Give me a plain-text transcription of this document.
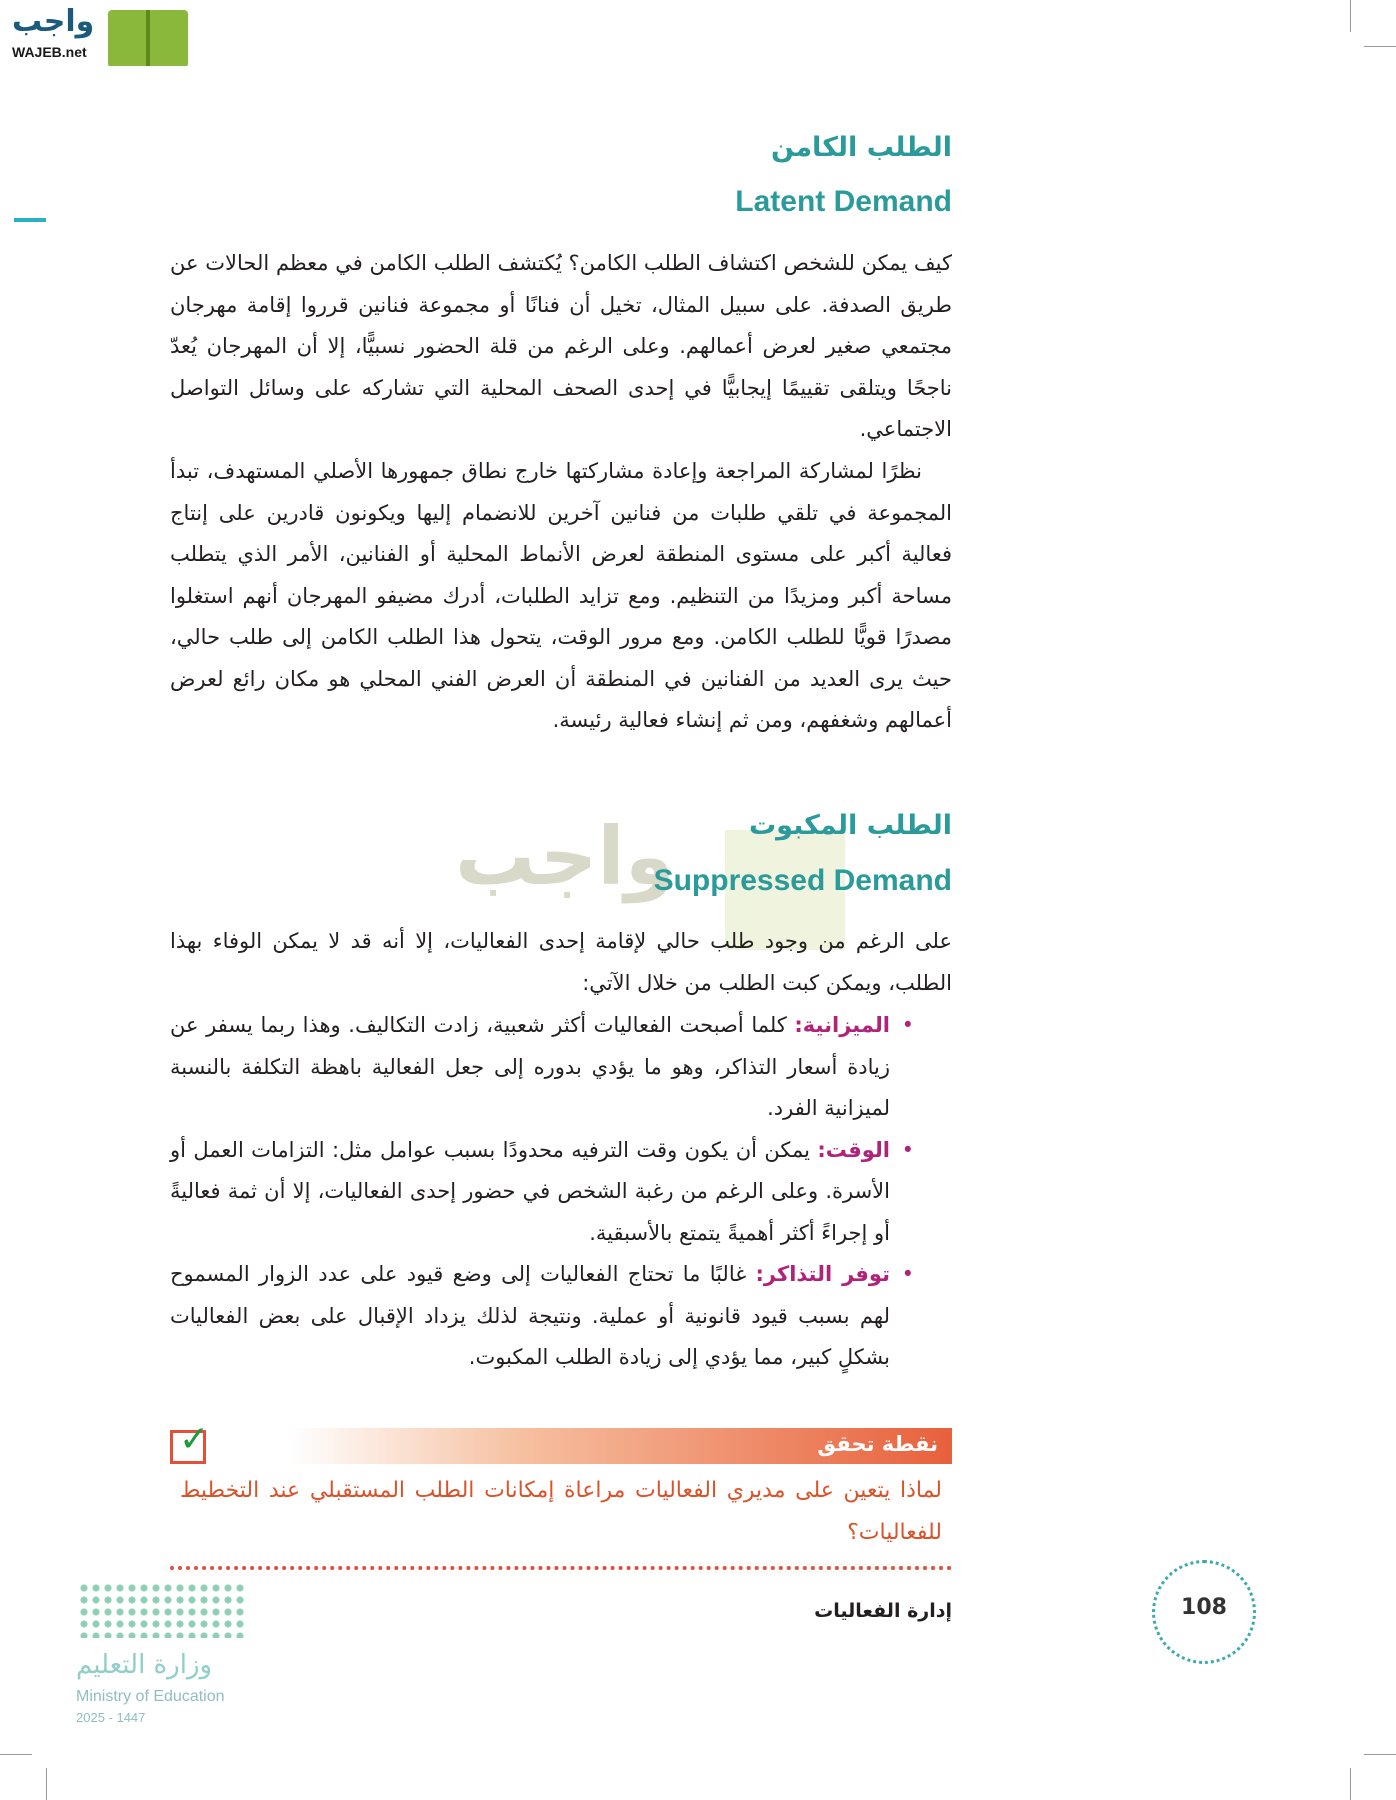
واجب
WAJEB.net
واجب
الطلب الكامن
Latent Demand
كيف يمكن للشخص اكتشاف الطلب الكامن؟ يُكتشف الطلب الكامن في معظم الحالات عن طريق الصدفة. على سبيل المثال، تخيل أن فنانًا أو مجموعة فنانين قرروا إقامة مهرجان مجتمعي صغير لعرض أعمالهم. وعلى الرغم من قلة الحضور نسبيًّا، إلا أن المهرجان يُعدّ ناجحًا ويتلقى تقييمًا إيجابيًّا في إحدى الصحف المحلية التي تشاركه على وسائل التواصل الاجتماعي.
نظرًا لمشاركة المراجعة وإعادة مشاركتها خارج نطاق جمهورها الأصلي المستهدف، تبدأ المجموعة في تلقي طلبات من فنانين آخرين للانضمام إليها ويكونون قادرين على إنتاج فعالية أكبر على مستوى المنطقة لعرض الأنماط المحلية أو الفنانين، الأمر الذي يتطلب مساحة أكبر ومزيدًا من التنظيم. ومع تزايد الطلبات، أدرك مضيفو المهرجان أنهم استغلوا مصدرًا قويًّا للطلب الكامن. ومع مرور الوقت، يتحول هذا الطلب الكامن إلى طلب حالي، حيث يرى العديد من الفنانين في المنطقة أن العرض الفني المحلي هو مكان رائع لعرض أعمالهم وشغفهم، ومن ثم إنشاء فعالية رئيسة.
الطلب المكبوت
Suppressed Demand
على الرغم من وجود طلب حالي لإقامة إحدى الفعاليات، إلا أنه قد لا يمكن الوفاء بهذا الطلب، ويمكن كبت الطلب من خلال الآتي:
•
الميزانية: كلما أصبحت الفعاليات أكثر شعبية، زادت التكاليف. وهذا ربما يسفر عن زيادة أسعار التذاكر، وهو ما يؤدي بدوره إلى جعل الفعالية باهظة التكلفة بالنسبة لميزانية الفرد.
•
الوقت: يمكن أن يكون وقت الترفيه محدودًا بسبب عوامل مثل: التزامات العمل أو الأسرة. وعلى الرغم من رغبة الشخص في حضور إحدى الفعاليات، إلا أن ثمة فعاليةً أو إجراءً أكثر أهميةً يتمتع بالأسبقية.
•
توفر التذاكر: غالبًا ما تحتاج الفعاليات إلى وضع قيود على عدد الزوار المسموح لهم بسبب قيود قانونية أو عملية. ونتيجة لذلك يزداد الإقبال على بعض الفعاليات بشكلٍ كبير، مما يؤدي إلى زيادة الطلب المكبوت.
✓	نقطة تحقق
لماذا يتعين على مديري الفعاليات مراعاة إمكانات الطلب المستقبلي عند التخطيط للفعاليات؟
108
إدارة الفعاليات
وزارة التعليم
Ministry of Education
2025 - 1447
